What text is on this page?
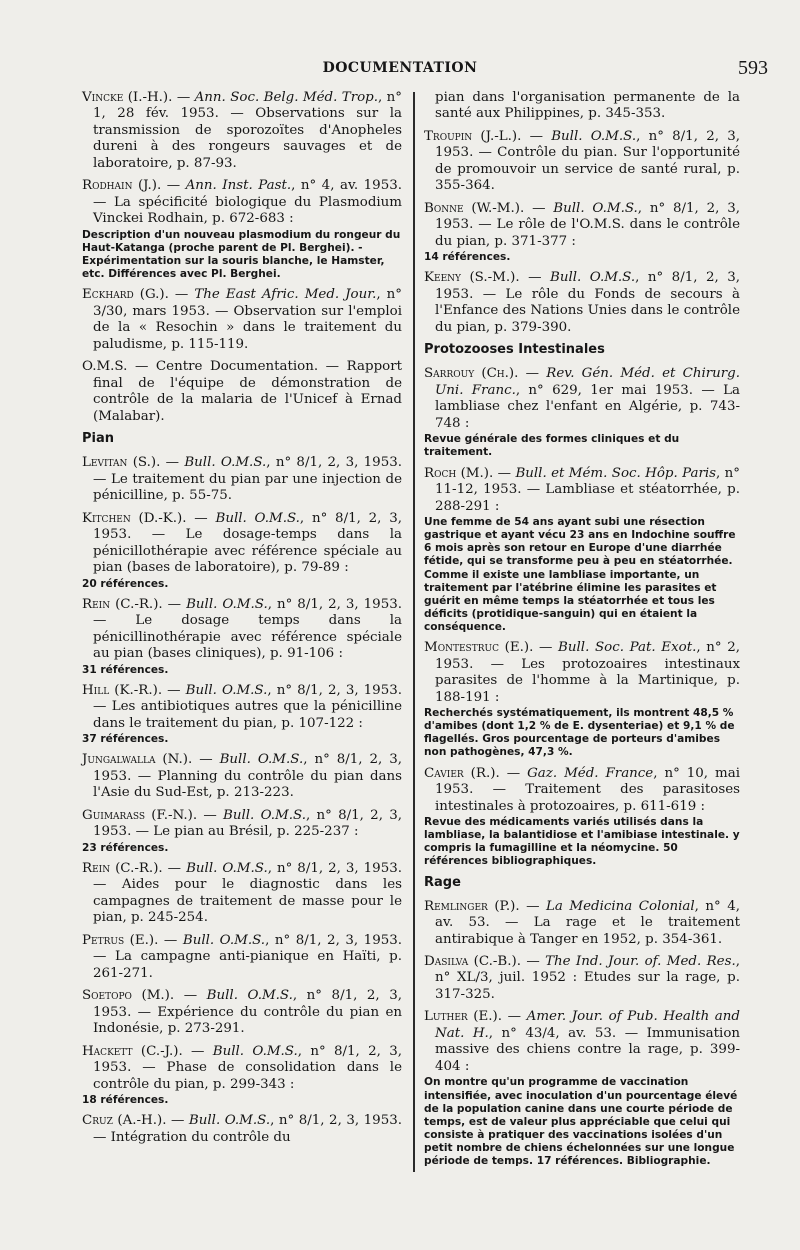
DOCUMENTATION	593

Vincke (I.-H.). — Ann. Soc. Belg. Méd. Trop., n° 1, 28 fév. 1953. — Observations sur la transmission de sporozoïtes d'Anopheles dureni à des rongeurs sauvages et de laboratoire, p. 87-93.

Rodhain (J.). — Ann. Inst. Past., n° 4, av. 1953. — La spécificité biologique du Plasmodium Vinckei Rodhain, p. 672-683 :
Description d'un nouveau plasmodium du rongeur du Haut-Katanga (proche parent de Pl. Berghei). - Expérimentation sur la souris blanche, le Hamster, etc. Différences avec Pl. Berghei.

Eckhard (G.). — The East Afric. Med. Jour., n° 3/30, mars 1953. — Observation sur l'emploi de la « Resochin » dans le traitement du paludisme, p. 115-119.

O.M.S. — Centre Documentation. — Rapport final de l'équipe de démonstration de contrôle de la malaria de l'Unicef à Ernad (Malabar).

Pian

Levitan (S.). — Bull. O.M.S., n° 8/1, 2, 3, 1953. — Le traitement du pian par une injection de pénicilline, p. 55-75.

Kitchen (D.-K.). — Bull. O.M.S., n° 8/1, 2, 3, 1953. — Le dosage-temps dans la pénicillothérapie avec référence spéciale au pian (bases de laboratoire), p. 79-89 :
20 références.

Rein (C.-R.). — Bull. O.M.S., n° 8/1, 2, 3, 1953. — Le dosage temps dans la pénicillinothérapie avec référence spéciale au pian (bases cliniques), p. 91-106 :
31 références.

Hill (K.-R.). — Bull. O.M.S., n° 8/1, 2, 3, 1953. — Les antibiotiques autres que la pénicilline dans le traitement du pian, p. 107-122 :
37 références.

Jungalwalla (N.). — Bull. O.M.S., n° 8/1, 2, 3, 1953. — Planning du contrôle du pian dans l'Asie du Sud-Est, p. 213-223.

Guimarass (F.-N.). — Bull. O.M.S., n° 8/1, 2, 3, 1953. — Le pian au Brésil, p. 225-237 :
23 références.

Rein (C.-R.). — Bull. O.M.S., n° 8/1, 2, 3, 1953. — Aides pour le diagnostic dans les campagnes de traitement de masse pour le pian, p. 245-254.

Petrus (E.). — Bull. O.M.S., n° 8/1, 2, 3, 1953. — La campagne anti-pianique en Haïti, p. 261-271.

Soetopo (M.). — Bull. O.M.S., n° 8/1, 2, 3, 1953. — Expérience du contrôle du pian en Indonésie, p. 273-291.

Hackett (C.-J.). — Bull. O.M.S., n° 8/1, 2, 3, 1953. — Phase de consolidation dans le contrôle du pian, p. 299-343 :
18 références.

Cruz (A.-H.). — Bull. O.M.S., n° 8/1, 2, 3, 1953. — Intégration du contrôle du

pian dans l'organisation permanente de la santé aux Philippines, p. 345-353.

Troupin (J.-L.). — Bull. O.M.S., n° 8/1, 2, 3, 1953. — Contrôle du pian. Sur l'opportunité de promouvoir un service de santé rural, p. 355-364.

Bonne (W.-M.). — Bull. O.M.S., n° 8/1, 2, 3, 1953. — Le rôle de l'O.M.S. dans le contrôle du pian, p. 371-377 :
14 références.

Keeny (S.-M.). — Bull. O.M.S., n° 8/1, 2, 3, 1953. — Le rôle du Fonds de secours à l'Enfance des Nations Unies dans le contrôle du pian, p. 379-390.

Protozooses Intestinales

Sarrouy (Ch.). — Rev. Gén. Méd. et Chirurg. Uni. Franc., n° 629, 1er mai 1953. — La lambliase chez l'enfant en Algérie, p. 743-748 :
Revue générale des formes cliniques et du traitement.

Roch (M.). — Bull. et Mém. Soc. Hôp. Paris, n° 11-12, 1953. — Lambliase et stéatorrhée, p. 288-291 :
Une femme de 54 ans ayant subi une résection gastrique et ayant vécu 23 ans en Indochine souffre 6 mois après son retour en Europe d'une diarrhée fétide, qui se transforme peu à peu en stéatorrhée. Comme il existe une lambliase importante, un traitement par l'atébrine élimine les parasites et guérit en même temps la stéatorrhée et tous les déficits (protidique-sanguin) qui en étaient la conséquence.

Montestruc (E.). — Bull. Soc. Pat. Exot., n° 2, 1953. — Les protozoaires intestinaux parasites de l'homme à la Martinique, p. 188-191 :
Recherchés systématiquement, ils montrent 48,5 % d'amibes (dont 1,2 % de E. dysenteriae) et 9,1 % de flagellés. Gros pourcentage de porteurs d'amibes non pathogènes, 47,3 %.

Cavier (R.). — Gaz. Méd. France, n° 10, mai 1953. — Traitement des parasitoses intestinales à protozoaires, p. 611-619 :
Revue des médicaments variés utilisés dans la lambliase, la balantidiose et l'amibiase intestinale. y compris la fumagilline et la néomycine. 50 références bibliographiques.

Rage

Remlinger (P.). — La Medicina Colonial, n° 4, av. 53. — La rage et le traitement antirabique à Tanger en 1952, p. 354-361.

Dasilva (C.-B.). — The Ind. Jour. of. Med. Res., n° XL/3, juil. 1952 : Etudes sur la rage, p. 317-325.

Luther (E.). — Amer. Jour. of Pub. Health and Nat. H., n° 43/4, av. 53. — Immunisation massive des chiens contre la rage, p. 399-404 :
On montre qu'un programme de vaccination intensifiée, avec inoculation d'un pourcentage élevé de la population canine dans une courte période de temps, est de valeur plus appréciable que celui qui consiste à pratiquer des vaccinations isolées d'un petit nombre de chiens échelonnées sur une longue période de temps. 17 références. Bibliographie.
